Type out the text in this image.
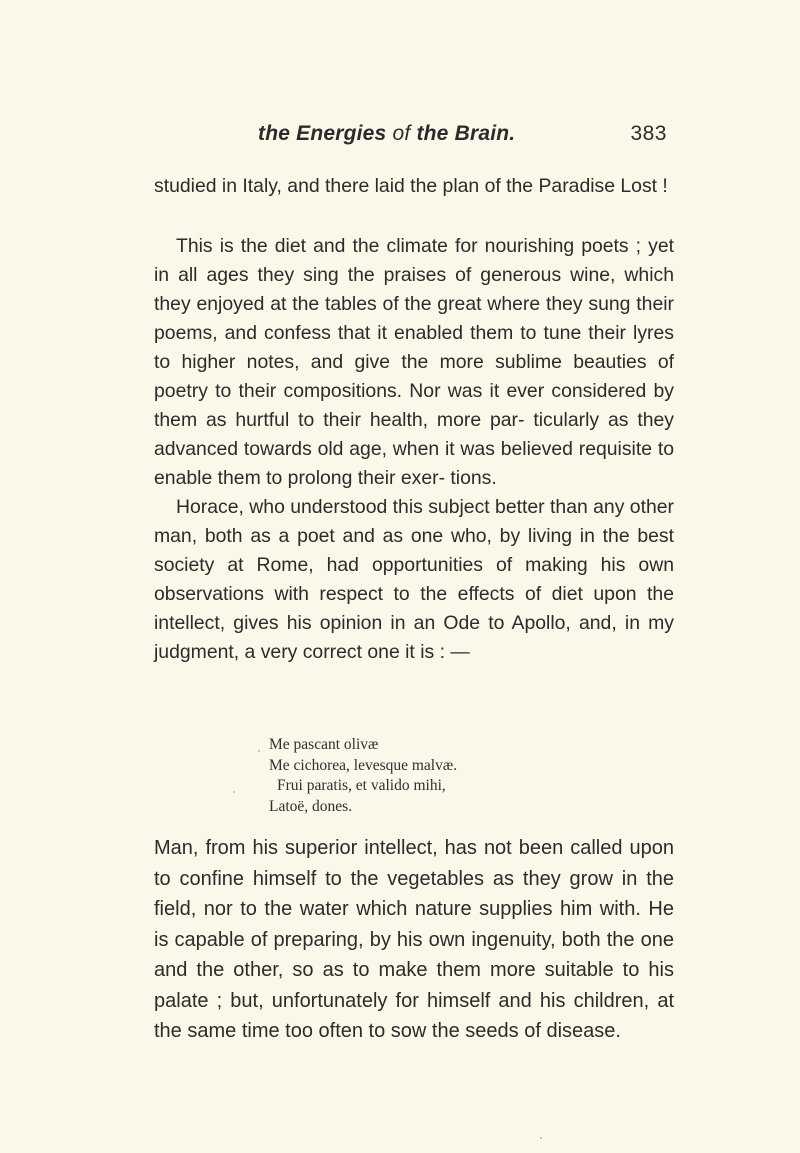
the Energies of the Brain.	383

studied in Italy, and there laid the plan of the Paradise Lost !

This is the diet and the climate for nourishing poets ; yet in all ages they sing the praises of generous wine, which they enjoyed at the tables of the great where they sung their poems, and confess that it enabled them to tune their lyres to higher notes, and give the more sublime beauties of poetry to their compositions. Nor was it ever considered by them as hurtful to their health, more par- ticularly as they advanced towards old age, when it was believed requisite to enable them to prolong their exer- tions.

Horace, who understood this subject better than any other man, both as a poet and as one who, by living in the best society at Rome, had opportunities of making his own observations with respect to the effects of diet upon the intellect, gives his opinion in an Ode to Apollo, and, in my judgment, a very correct one it is : —

Me pascant olivæ
Me cichorea, levesque malvæ.
Frui paratis, et valido mihi,
Latoë, dones.

Man, from his superior intellect, has not been called upon to confine himself to the vegetables as they grow in the field, nor to the water which nature supplies him with. He is capable of preparing, by his own ingenuity, both the one and the other, so as to make them more suitable to his palate ; but, unfortunately for himself and his children, at the same time too often to sow the seeds of disease.
